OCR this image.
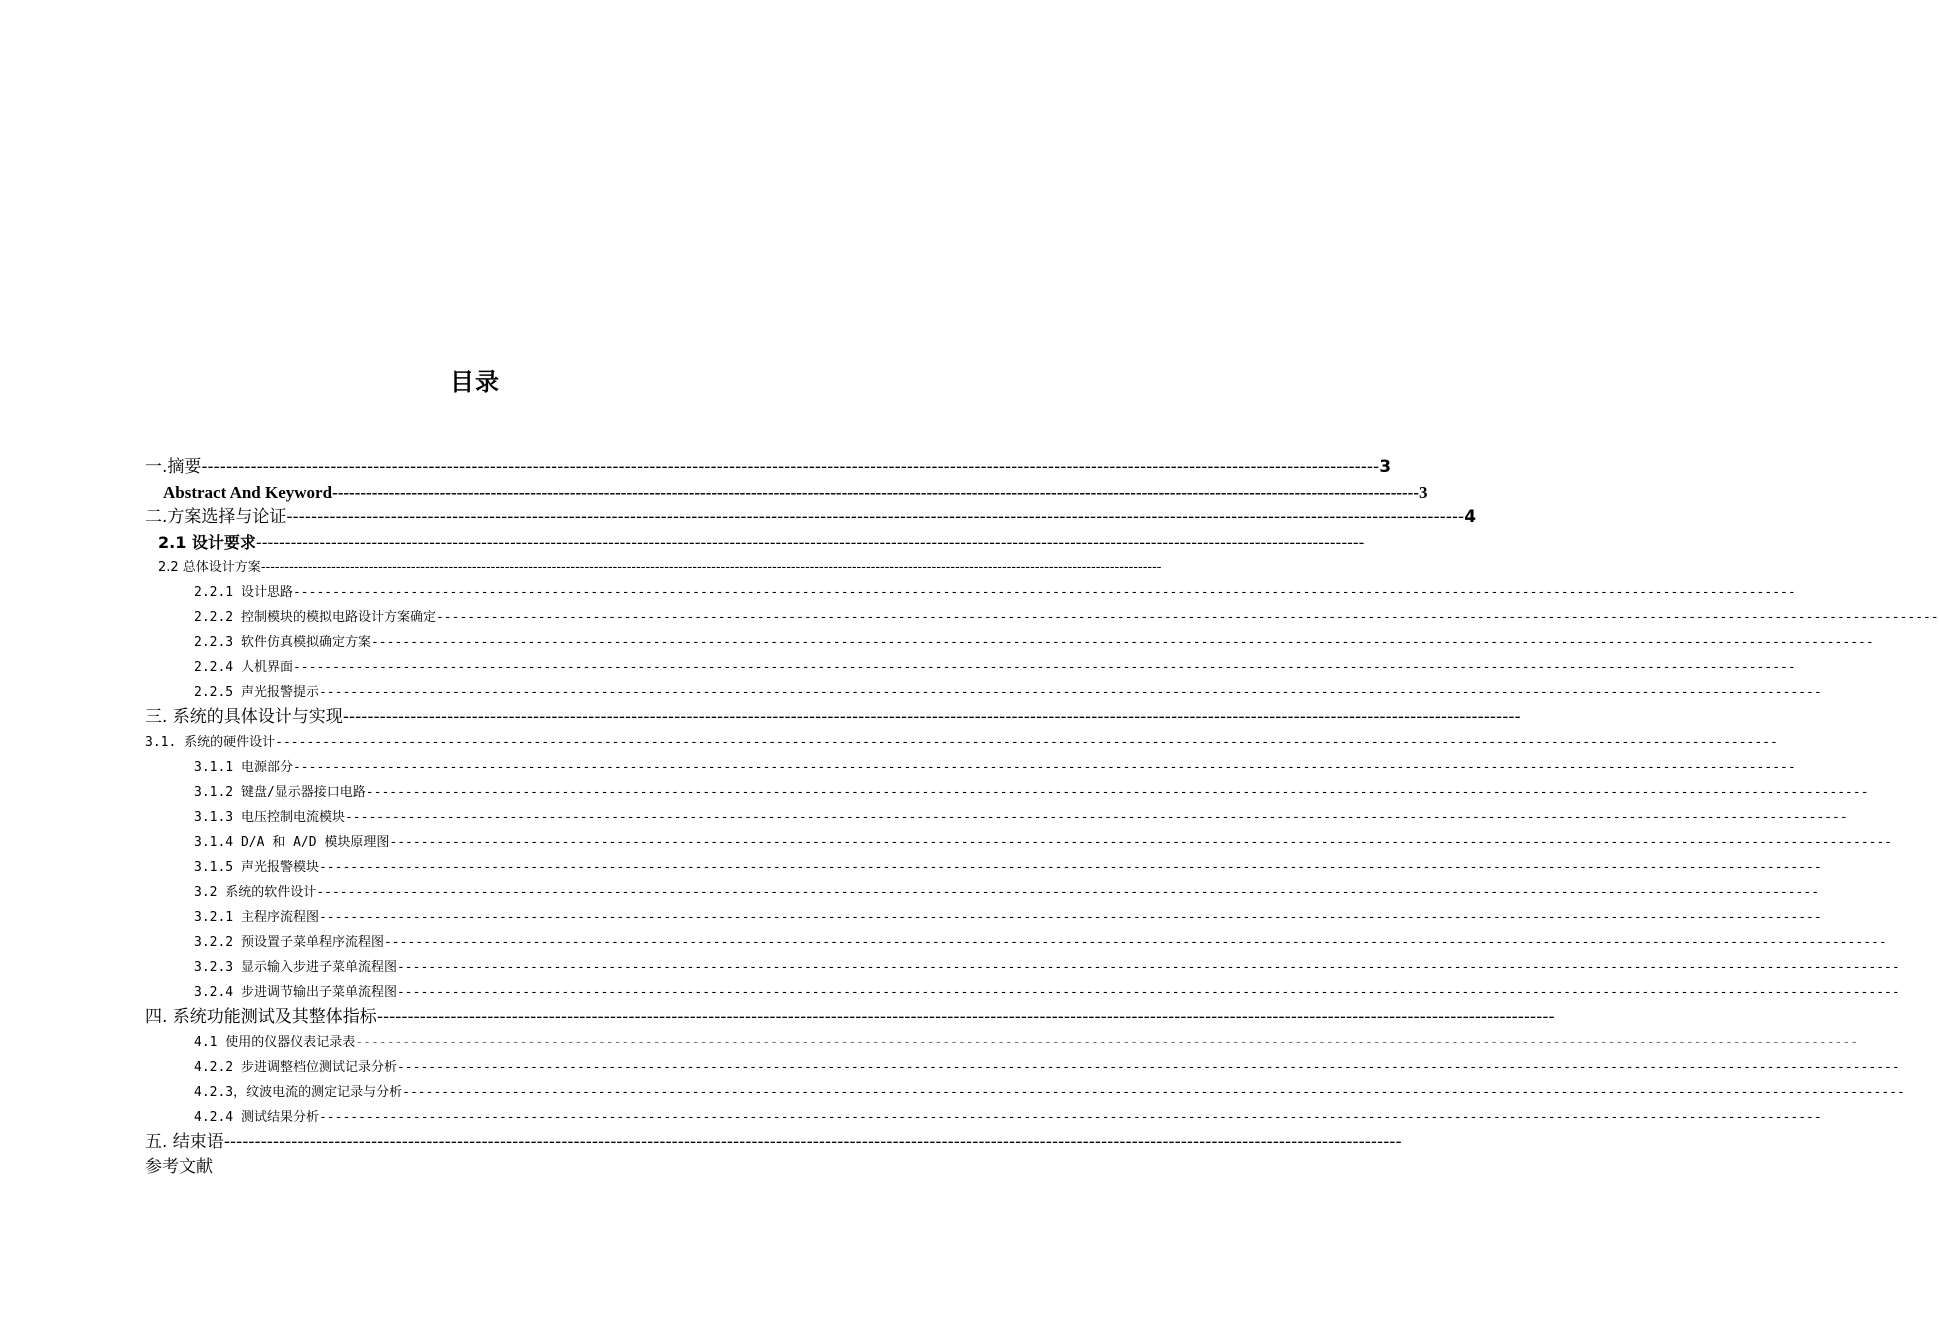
目录
一.摘要 ------------------------------------------------------------------------------------------------------------------------------------------------------------------------------------------------ 3
Abstract And Keyword ------------------------------------------------------------------------------------------------------------------------------------------------------------------------------------------------ 3
二.方案选择与论证 ------------------------------------------------------------------------------------------------------------------------------------------------------------------------------------------------ 4
2.1 设计要求 ------------------------------------------------------------------------------------------------------------------------------------------------------------------------------------------------
2.2 总体设计方案 ------------------------------------------------------------------------------------------------------------------------------------------------------------------------------------------------
2.2.1 设计思路 ------------------------------------------------------------------------------------------------------------------------------------------------------------------------------------------------
2.2.2 控制模块的模拟电路设计方案确定 ------------------------------------------------------------------------------------------------------------------------------------------------------------------------------------------------
2.2.3 软件仿真模拟确定方案 ------------------------------------------------------------------------------------------------------------------------------------------------------------------------------------------------
2.2.4 人机界面 ------------------------------------------------------------------------------------------------------------------------------------------------------------------------------------------------
2.2.5 声光报警提示 ------------------------------------------------------------------------------------------------------------------------------------------------------------------------------------------------
三. 系统的具体设计与实现 ------------------------------------------------------------------------------------------------------------------------------------------------------------------------------------------------
3.1. 系统的硬件设计 ------------------------------------------------------------------------------------------------------------------------------------------------------------------------------------------------
3.1.1 电源部分 ------------------------------------------------------------------------------------------------------------------------------------------------------------------------------------------------
3.1.2 键盘/显示器接口电路 ------------------------------------------------------------------------------------------------------------------------------------------------------------------------------------------------
3.1.3 电压控制电流模块 ------------------------------------------------------------------------------------------------------------------------------------------------------------------------------------------------
3.1.4 D/A 和 A/D 模块原理图 ------------------------------------------------------------------------------------------------------------------------------------------------------------------------------------------------
3.1.5 声光报警模块 ------------------------------------------------------------------------------------------------------------------------------------------------------------------------------------------------
3.2 系统的软件设计 ------------------------------------------------------------------------------------------------------------------------------------------------------------------------------------------------
3.2.1 主程序流程图 ------------------------------------------------------------------------------------------------------------------------------------------------------------------------------------------------
3.2.2 预设置子菜单程序流程图 ------------------------------------------------------------------------------------------------------------------------------------------------------------------------------------------------
3.2.3 显示输入步进子菜单流程图 ------------------------------------------------------------------------------------------------------------------------------------------------------------------------------------------------
3.2.4 步进调节输出子菜单流程图 ------------------------------------------------------------------------------------------------------------------------------------------------------------------------------------------------
四. 系统功能测试及其整体指标 ------------------------------------------------------------------------------------------------------------------------------------------------------------------------------------------------
4.1 使用的仪器仪表记录表 ------------------------------------------------------------------------------------------------------------------------------------------------------------------------------------------------
4.2.2 步进调整档位测试记录分析 ------------------------------------------------------------------------------------------------------------------------------------------------------------------------------------------------
4.2.3，纹波电流的测定记录与分析 ------------------------------------------------------------------------------------------------------------------------------------------------------------------------------------------------
4.2.4 测试结果分析 ------------------------------------------------------------------------------------------------------------------------------------------------------------------------------------------------
五. 结束语 ------------------------------------------------------------------------------------------------------------------------------------------------------------------------------------------------
参考文献
